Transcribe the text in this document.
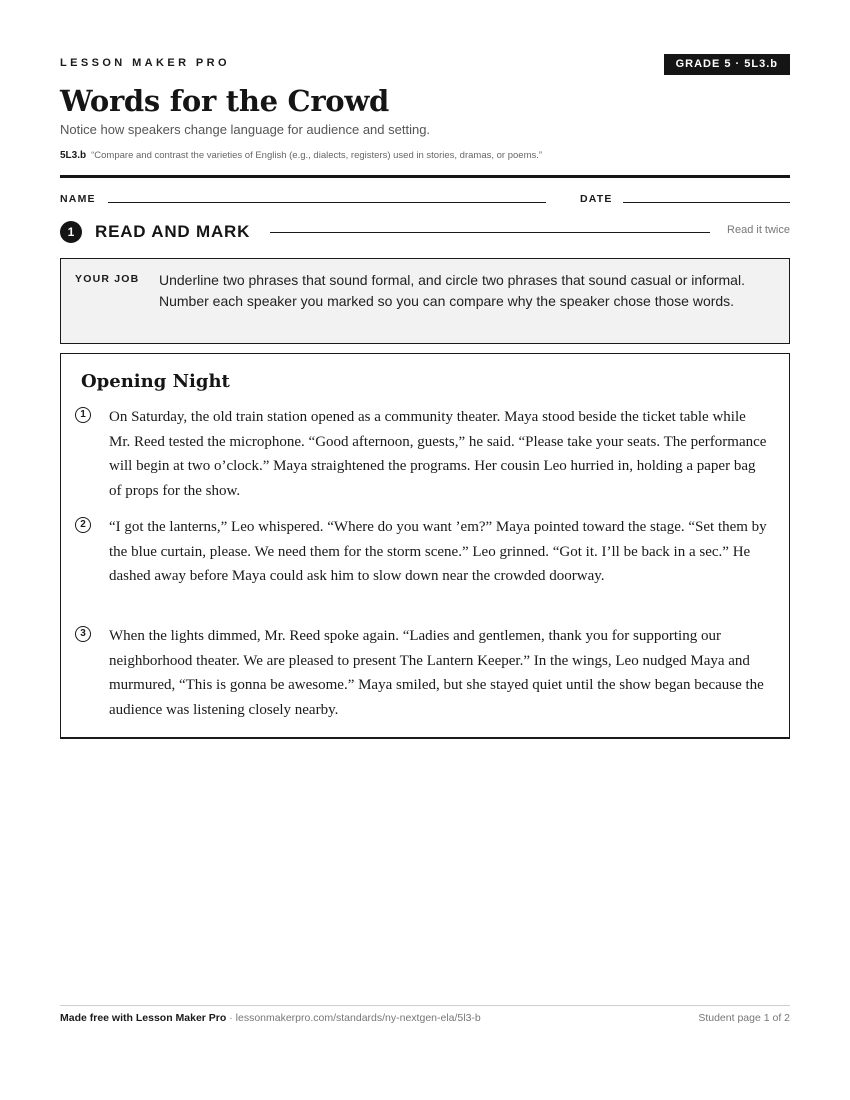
LESSON MAKER PRO	GRADE 5 · 5L3.b
Words for the Crowd
Notice how speakers change language for audience and setting.
5L3.b “Compare and contrast the varieties of English (e.g., dialects, registers) used in stories, dramas, or poems.”
NAME	DATE
1	READ AND MARK	Read it twice
YOUR JOB Underline two phrases that sound formal, and circle two phrases that sound casual or informal. Number each speaker you marked so you can compare why the speaker chose those words.

Opening Night
1	On Saturday, the old train station opened as a community theater. Maya stood beside the ticket table while Mr. Reed tested the microphone. “Good afternoon, guests,” he said. “Please take your seats. The performance will begin at two o’clock.” Maya straightened the programs. Her cousin Leo hurried in, holding a paper bag of props for the show.

2	“I got the lanterns,” Leo whispered. “Where do you want ’em?” Maya pointed toward the stage. “Set them by the blue curtain, please. We need them for the storm scene.” Leo grinned. “Got it. I’ll be back in a sec.” He dashed away before Maya could ask him to slow down near the crowded doorway.

3	When the lights dimmed, Mr. Reed spoke again. “Ladies and gentlemen, thank you for supporting our neighborhood theater. We are pleased to present The Lantern Keeper.” In the wings, Leo nudged Maya and murmured, “This is gonna be awesome.” Maya smiled, but she stayed quiet until the show began because the audience was listening closely nearby.

Made free with Lesson Maker Pro · lessonmakerpro.com/standards/ny-nextgen-ela/5l3-b	Student page 1 of 2
